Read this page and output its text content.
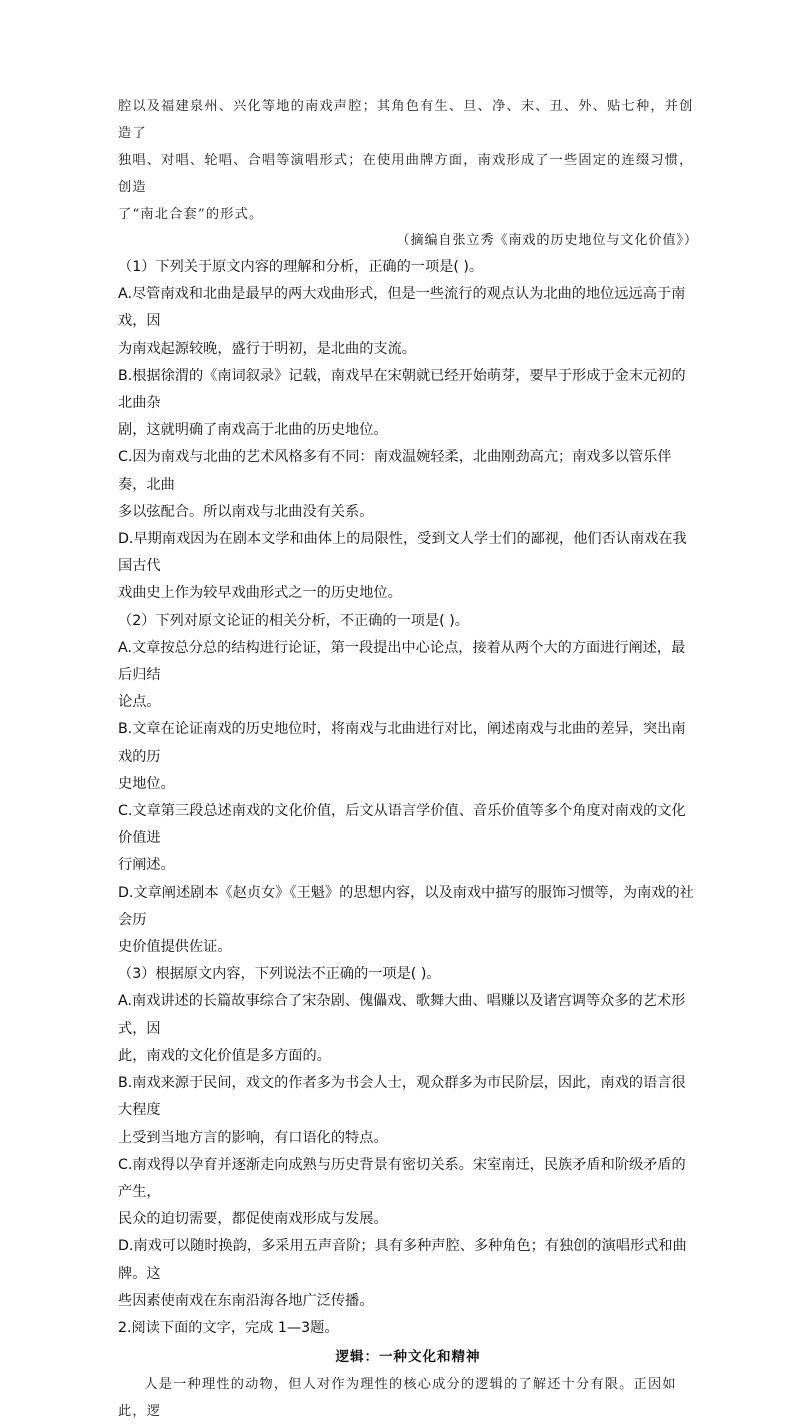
腔以及福建泉州、兴化等地的南戏声腔；其角色有生、旦、净、末、丑、外、贴七种，并创造了

独唱、对唱、轮唱、合唱等演唱形式；在使用曲牌方面，南戏形成了一些固定的连缀习惯，创造

了“南北合套”的形式。

（摘编自张立秀《南戏的历史地位与文化价值》）

（1）下列关于原文内容的理解和分析，正确的一项是( )。

A.尽管南戏和北曲是最早的两大戏曲形式，但是一些流行的观点认为北曲的地位远远高于南戏，因

为南戏起源较晚，盛行于明初，是北曲的支流。

B.根据徐渭的《南词叙录》记载，南戏早在宋朝就已经开始萌芽，要早于形成于金末元初的北曲杂

剧，这就明确了南戏高于北曲的历史地位。

C.因为南戏与北曲的艺术风格多有不同：南戏温婉轻柔，北曲刚劲高亢；南戏多以管乐伴奏，北曲

多以弦配合。所以南戏与北曲没有关系。

D.早期南戏因为在剧本文学和曲体上的局限性，受到文人学士们的鄙视，他们否认南戏在我国古代

戏曲史上作为较早戏曲形式之一的历史地位。

（2）下列对原文论证的相关分析，不正确的一项是( )。

A.文章按总分总的结构进行论证，第一段提出中心论点，接着从两个大的方面进行阐述，最后归结

论点。

B.文章在论证南戏的历史地位时，将南戏与北曲进行对比，阐述南戏与北曲的差异，突出南戏的历

史地位。

C.文章第三段总述南戏的文化价值，后文从语言学价值、音乐价值等多个角度对南戏的文化价值进

行阐述。

D.文章阐述剧本《赵贞女》《王魁》的思想内容，以及南戏中描写的服饰习惯等，为南戏的社会历

史价值提供佐证。

（3）根据原文内容，下列说法不正确的一项是( )。

A.南戏讲述的长篇故事综合了宋杂剧、傀儡戏、歌舞大曲、唱赚以及诸宫调等众多的艺术形式，因

此，南戏的文化价值是多方面的。

B.南戏来源于民间，戏文的作者多为书会人士，观众群多为市民阶层，因此，南戏的语言很大程度

上受到当地方言的影响，有口语化的特点。

C.南戏得以孕育并逐渐走向成熟与历史背景有密切关系。宋室南迁，民族矛盾和阶级矛盾的产生，

民众的迫切需要，都促使南戏形成与发展。

D.南戏可以随时换韵，多采用五声音阶；具有多种声腔、多种角色；有独创的演唱形式和曲牌。这

些因素使南戏在东南沿海各地广泛传播。

2.阅读下面的文字，完成 1—3题。

逻辑：一种文化和精神

人是一种理性的动物，但人对作为理性的核心成分的逻辑的了解还十分有限。正因如此，逻
